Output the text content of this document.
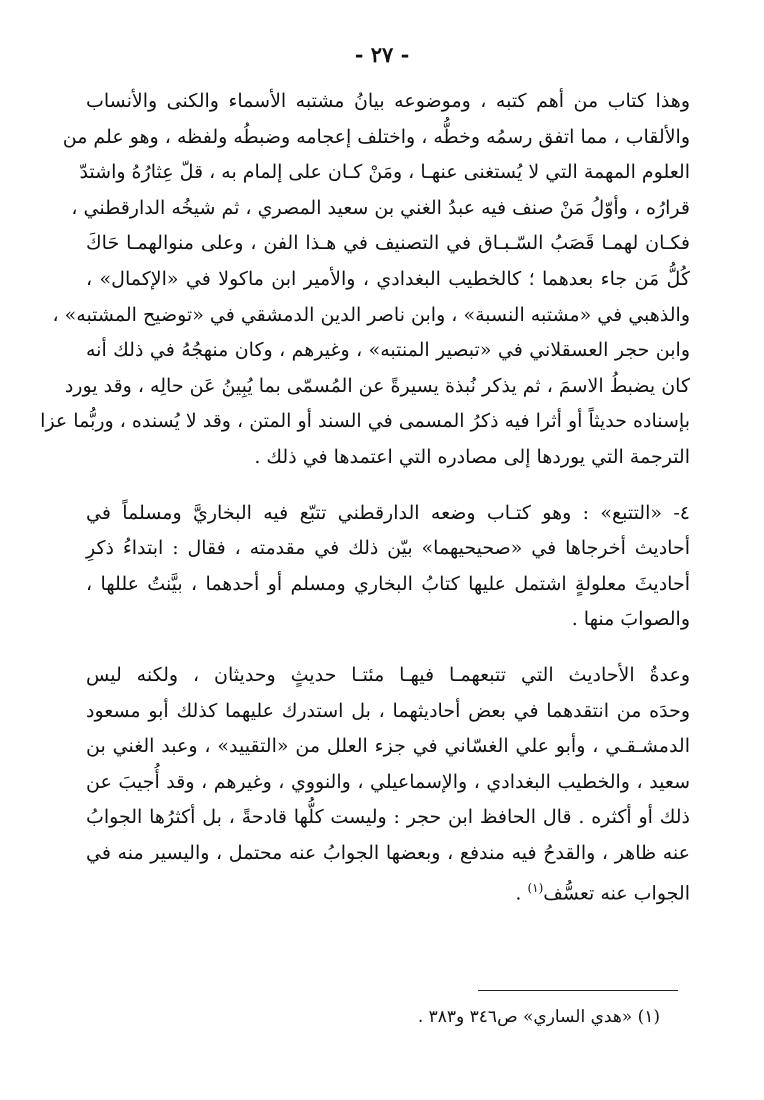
- ٢٧ -
وهذا كتاب من أهم كتبه ، وموضوعه بيانُ مشتبه الأسماء والكنى والأنساب
والألقاب ، مما اتفق رسمُه وخطُّه ، واختلف إعجامه وضبطُه ولفظه ، وهو علم من
العلوم المهمة التي لا يُستغنى عنهـا ، ومَنْ كـان على إلمام به ، قلّ عِثارُهُ واشتدّ
قرارُه ، وأوّلُ مَنْ صنف فيه عبدُ الغني بن سعيد المصري ، ثم شيخُه الدارقطني ،
فكـان لهمـا قَصَبُ السّـبـاق في التصنيف في هـذا الفن ، وعلى منوالهمـا حَاكَ
كُلُّ مَن جاء بعدهما ؛ كالخطيب البغدادي ، والأمير ابن ماكولا في «الإكمال» ،
والذهبي في «مشتبه النسبة» ، وابن ناصر الدين الدمشقي في «توضيح المشتبه» ،
وابن حجر العسقلاني في «تبصير المنتبه» ، وغيرهم ، وكان منهجُهُ في ذلك أنه
كان يضبطُ الاسمَ ، ثم يذكر نُبذة يسيرةً عن المُسمّى بما يُبِينُ عَن حالِه ، وقد يورد
بإسناده حديثاً أو أثرا فيه ذكرُ المسمى في السند أو المتن ، وقد لا يُسنده ، وربُّما عزا
الترجمة التي يوردها إلى مصادره التي اعتمدها في ذلك .
٤- «التتبع» : وهو كتـاب وضعه الدارقطني تتبّع فيه البخاريَّ ومسلماً في
أحاديث أخرجاها في «صحيحيهما» بيّن ذلك في مقدمته ، فقال : ابتداءُ ذكرِ
أحاديثَ معلولةٍ اشتمل عليها كتابُ البخاري ومسلم أو أحدهما ، بيَّنتُ عللها ،
والصوابَ منها .
وعدةُ الأحاديث التي تتبعهمـا فيهـا مئتـا حديثٍ وحديثان ، ولكنه ليس
وحدَه من انتقدهما في بعض أحاديثهما ، بل استدرك عليهما كذلك أبو مسعود
الدمشـقـي ، وأبو علي الغسّاني في جزء العلل من «التقييد» ، وعبد الغني بن
سعيد ، والخطيب البغدادي ، والإسماعيلي ، والنووي ، وغيرهم ، وقد أُجيبَ عن
ذلك أو أكثره . قال الحافظ ابن حجر : وليست كلُّها قادحةً ، بل أكثرُها الجوابُ
عنه ظاهر ، والقدحُ فيه مندفع ، وبعضها الجوابُ عنه محتمل ، واليسير منه في
الجواب عنه تعسُّف$^{(١)}$ .
(١) «هدي الساري» ص٣٤٦ و٣٨٣ .
